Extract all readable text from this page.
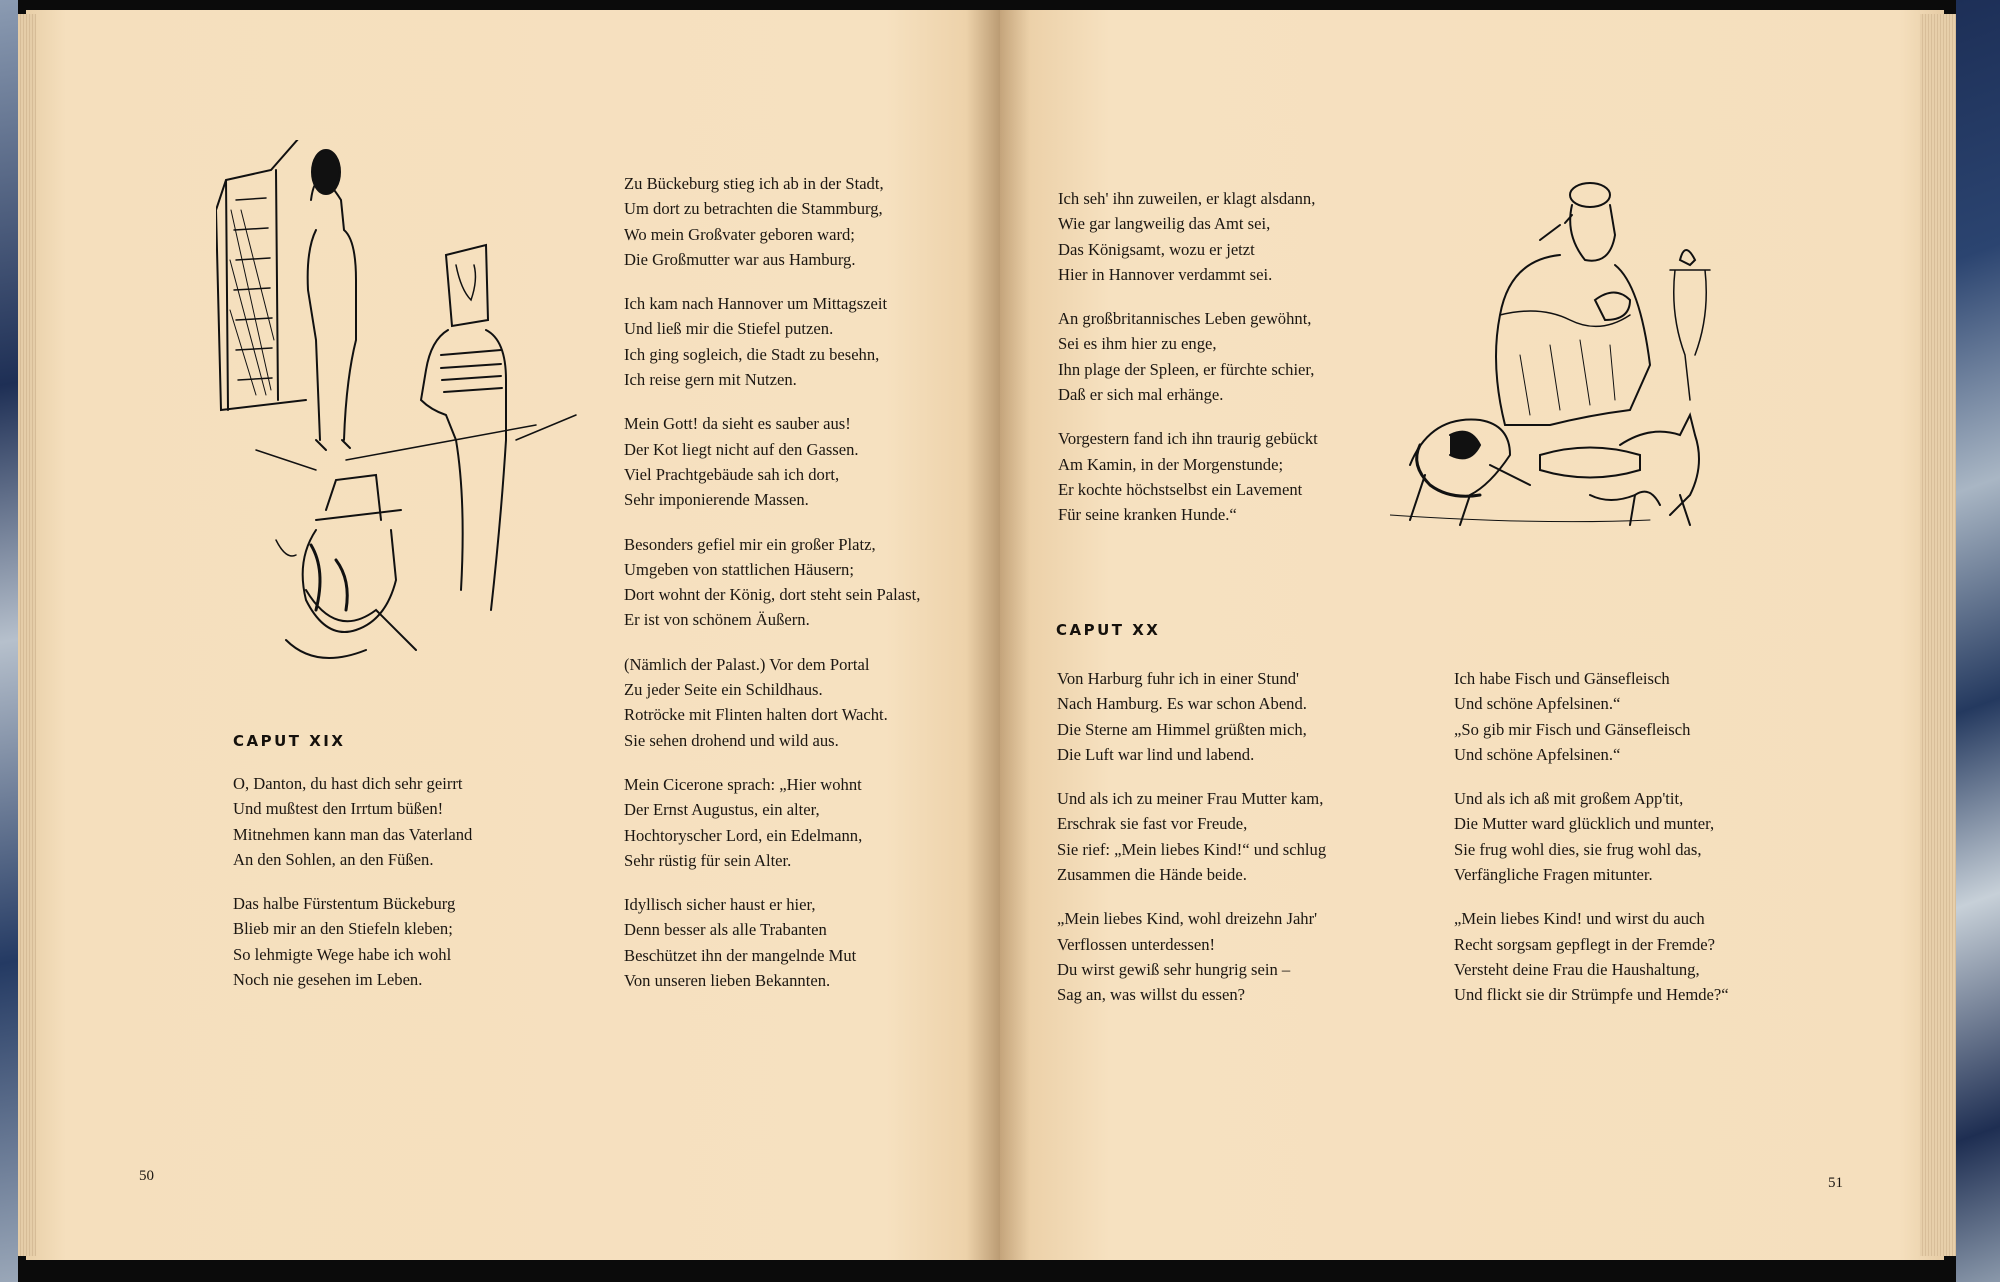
Zu Bückeburg stieg ich ab in der Stadt,
Um dort zu betrachten die Stammburg,
Wo mein Großvater geboren ward;
Die Großmutter war aus Hamburg.
Ich kam nach Hannover um Mittagszeit
Und ließ mir die Stiefel putzen.
Ich ging sogleich, die Stadt zu besehn,
Ich reise gern mit Nutzen.
Mein Gott! da sieht es sauber aus!
Der Kot liegt nicht auf den Gassen.
Viel Prachtgebäude sah ich dort,
Sehr imponierende Massen.
Besonders gefiel mir ein großer Platz,
Umgeben von stattlichen Häusern;
Dort wohnt der König, dort steht sein Palast,
Er ist von schönem Äußern.
(Nämlich der Palast.) Vor dem Portal
Zu jeder Seite ein Schildhaus.
Rotröcke mit Flinten halten dort Wacht.
Sie sehen drohend und wild aus.
Mein Cicerone sprach: „Hier wohnt
Der Ernst Augustus, ein alter,
Hochtoryscher Lord, ein Edelmann,
Sehr rüstig für sein Alter.
Idyllisch sicher haust er hier,
Denn besser als alle Trabanten
Beschützet ihn der mangelnde Mut
Von unseren lieben Bekannten.
CAPUT XIX
O, Danton, du hast dich sehr geirrt
Und mußtest den Irrtum büßen!
Mitnehmen kann man das Vaterland
An den Sohlen, an den Füßen.
Das halbe Fürstentum Bückeburg
Blieb mir an den Stiefeln kleben;
So lehmigte Wege habe ich wohl
Noch nie gesehen im Leben.
50
Ich seh' ihn zuweilen, er klagt alsdann,
Wie gar langweilig das Amt sei,
Das Königsamt, wozu er jetzt
Hier in Hannover verdammt sei.
An großbritannisches Leben gewöhnt,
Sei es ihm hier zu enge,
Ihn plage der Spleen, er fürchte schier,
Daß er sich mal erhänge.
Vorgestern fand ich ihn traurig gebückt
Am Kamin, in der Morgenstunde;
Er kochte höchstselbst ein Lavement
Für seine kranken Hunde.“
CAPUT XX
Von Harburg fuhr ich in einer Stund'
Nach Hamburg. Es war schon Abend.
Die Sterne am Himmel grüßten mich,
Die Luft war lind und labend.
Und als ich zu meiner Frau Mutter kam,
Erschrak sie fast vor Freude,
Sie rief: „Mein liebes Kind!“ und schlug
Zusammen die Hände beide.
„Mein liebes Kind, wohl dreizehn Jahr'
Verflossen unterdessen!
Du wirst gewiß sehr hungrig sein –
Sag an, was willst du essen?
Ich habe Fisch und Gänsefleisch
Und schöne Apfelsinen.“
„So gib mir Fisch und Gänsefleisch
Und schöne Apfelsinen.“
Und als ich aß mit großem App'tit,
Die Mutter ward glücklich und munter,
Sie frug wohl dies, sie frug wohl das,
Verfängliche Fragen mitunter.
„Mein liebes Kind! und wirst du auch
Recht sorgsam gepflegt in der Fremde?
Versteht deine Frau die Haushaltung,
Und flickt sie dir Strümpfe und Hemde?“
51
